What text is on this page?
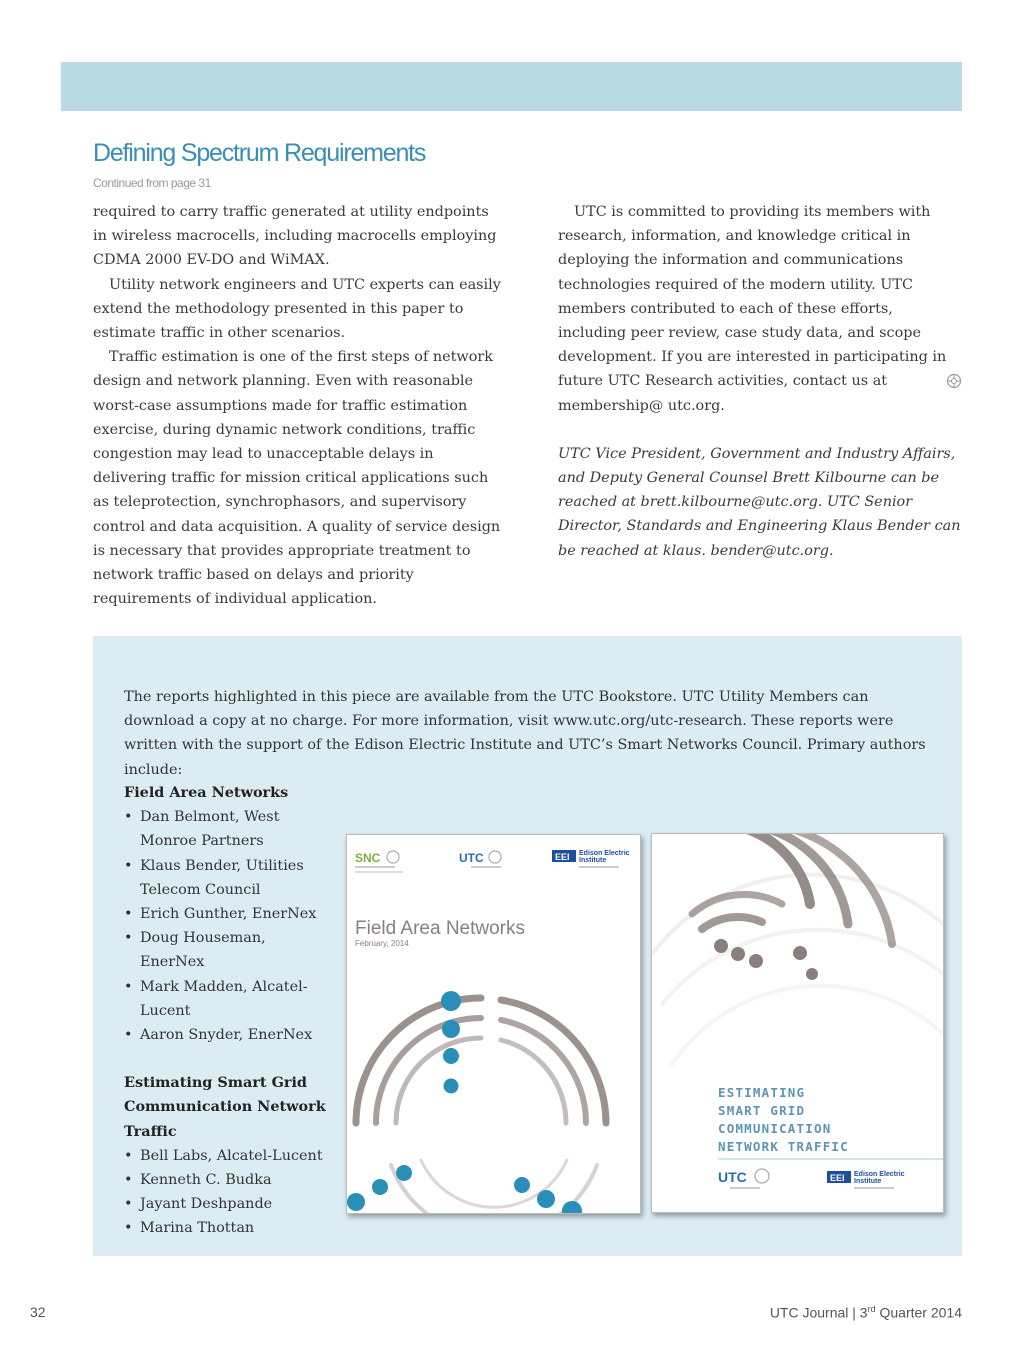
Defining Spectrum Requirements
Continued from page 31

required to carry traffic generated at utility endpoints in wireless macrocells, including macrocells employing CDMA 2000 EV-DO and WiMAX.

Utility network engineers and UTC experts can easily extend the methodology presented in this paper to estimate traffic in other scenarios.

Traffic estimation is one of the first steps of network design and network planning. Even with reasonable worst-case assumptions made for traffic estimation exercise, during dynamic network conditions, traffic congestion may lead to unacceptable delays in delivering traffic for mission critical applications such as teleprotection, synchrophasors, and supervisory control and data acquisition. A quality of service design is necessary that provides appropriate treatment to network traffic based on delays and priority requirements of individual application.

UTC is committed to providing its members with research, information, and knowledge critical in deploying the information and communications technologies required of the modern utility. UTC members contributed to each of these efforts, including peer review, case study data, and scope development. If you are interested in participating in future UTC Research activities, contact us at membership@ utc.org.

UTC Vice President, Government and Industry Affairs, and Deputy General Counsel Brett Kilbourne can be reached at brett.kilbourne@utc.org. UTC Senior Director, Standards and Engineering Klaus Bender can be reached at klaus. bender@utc.org.

The reports highlighted in this piece are available from the UTC Bookstore. UTC Utility Members can download a copy at no charge. For more information, visit www.utc.org/utc-research. These reports were written with the support of the Edison Electric Institute and UTC’s Smart Networks Council. Primary authors include:

Field Area Networks
• Dan Belmont, West Monroe Partners
• Klaus Bender, Utilities Telecom Council
• Erich Gunther, EnerNex
• Doug Houseman, EnerNex
• Mark Madden, Alcatel-Lucent
• Aaron Snyder, EnerNex
Estimating Smart Grid Communication Network Traffic
• Bell Labs, Alcatel-Lucent
• Kenneth C. Budka
• Jayant Deshpande
• Marina Thottan
SNC	UTC	EEI Edison Electric
Institute
Field Area Networks
February, 2014
ESTIMATING
SMART GRID
COMMUNICATION
NETWORK TRAFFIC
UTC	EEI Edison Electric
Institute
32	UTC Journal | 3rd Quarter 2014
